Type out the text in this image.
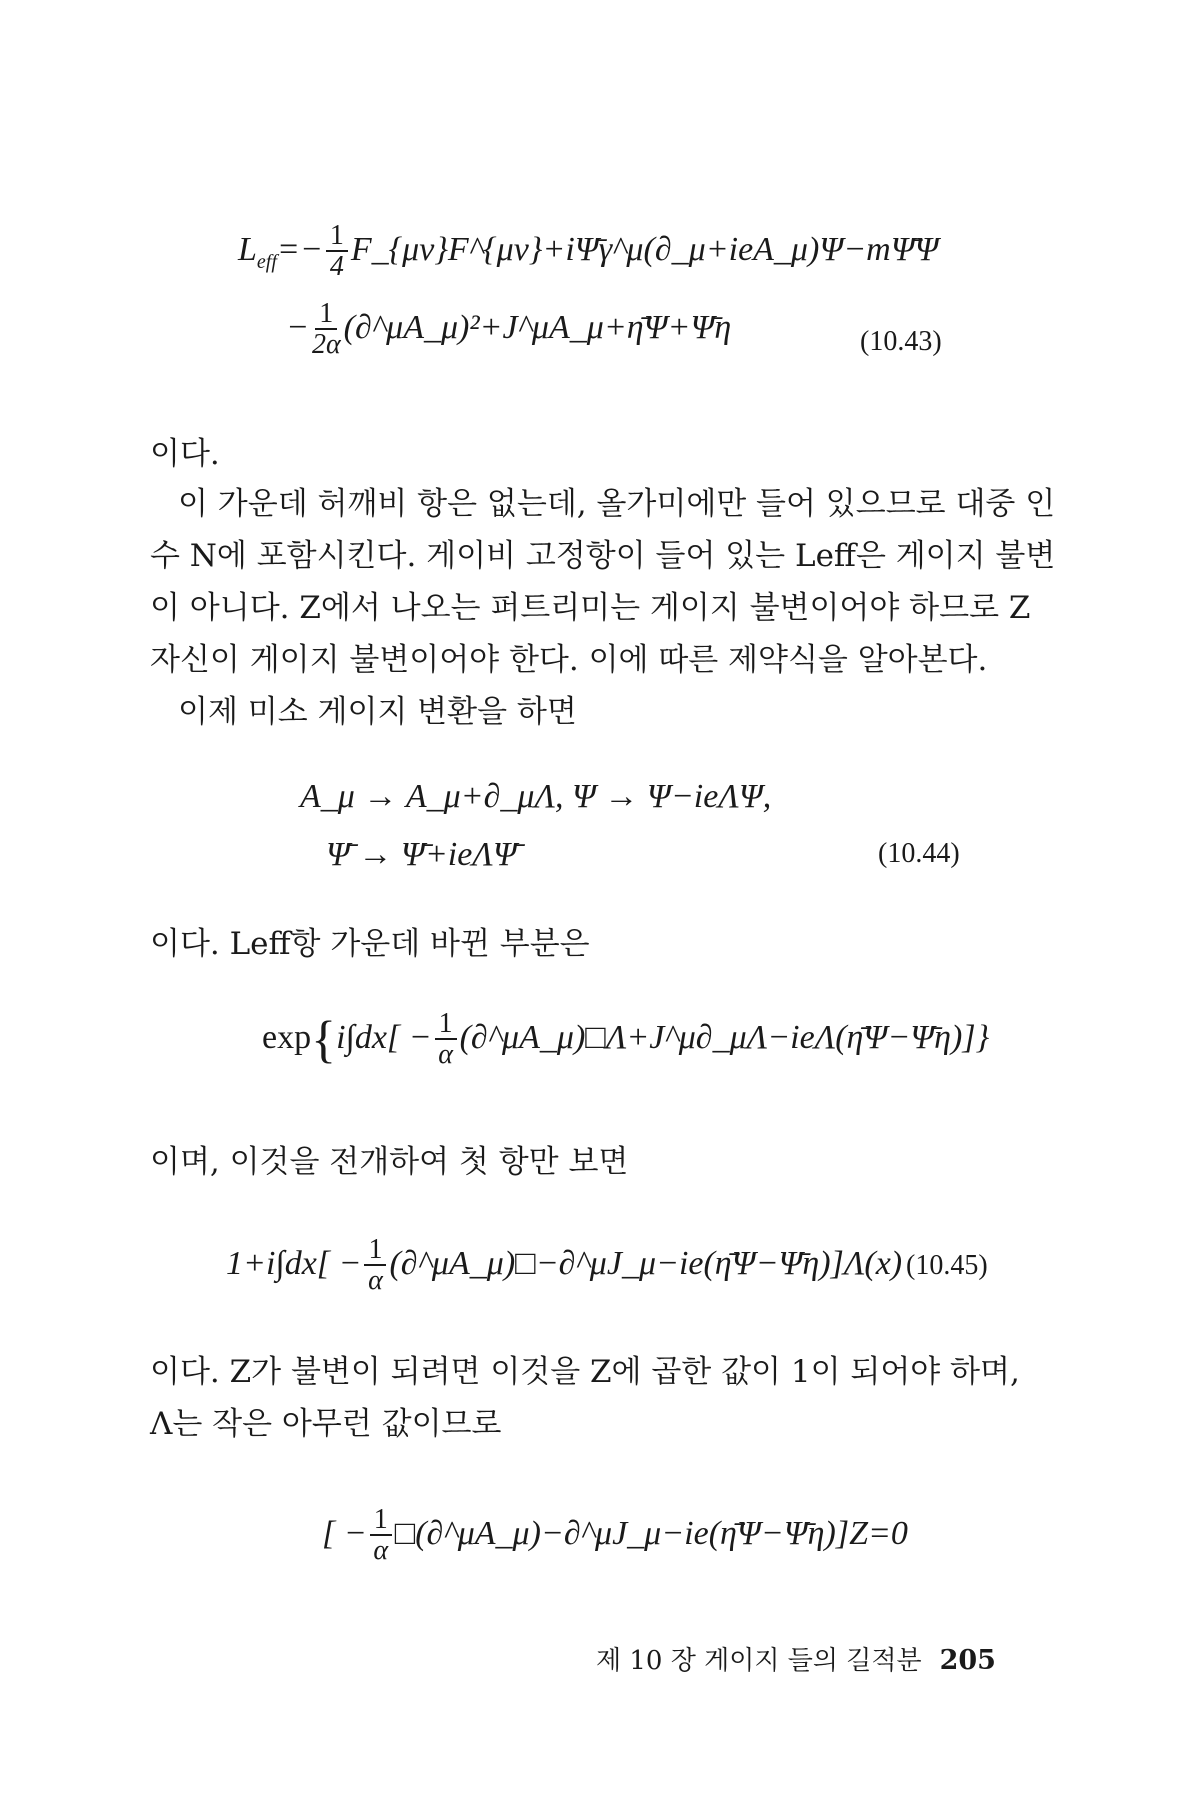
$L_{eff}=- \frac{1}{4}$ F_{μν}F^{μν}+iΨ̄γ^μ(∂_μ+ieA_μ)Ψ−mΨ̄Ψ
− $\frac{1}{2\alpha}$ (∂^μA_μ)²+J^μA_μ+η̄Ψ+Ψ̄η	(10.43)
이다.
이 가운데 허깨비 항은 없는데, 올가미에만 들어 있으므로 대중 인
수 N에 포함시킨다. 게이비 고정항이 들어 있는 Leff은 게이지 불변
이 아니다. Z에서 나오는 퍼트리미는 게이지 불변이어야 하므로 Z
자신이 게이지 불변이어야 한다. 이에 따른 제약식을 알아본다.
이제 미소 게이지 변환을 하면
A_μ → A_μ+∂_μΛ, Ψ → Ψ−ieΛΨ,
Ψ̄ → Ψ̄+ieΛΨ̄	(10.44)
이다. Leff항 가운데 바뀐 부분은
$\exp\{i\int dx[ - \frac{1}{\alpha}$ (∂^μA_μ)□Λ+J^μ∂_μΛ−ieΛ(η̄Ψ−Ψ̄η)]}
이며, 이것을 전개하여 첫 항만 보면
$1+i\int dx[ - \frac{1}{\alpha}$ (∂^μA_μ)□−∂^μJ_μ−ie(η̄Ψ−Ψ̄η)]Λ(x) (10.45)
이다. Z가 불변이 되려면 이것을 Z에 곱한 값이 1이 되어야 하며,
Λ는 작은 아무런 값이므로
[ − $\frac{1}{\alpha}$ □(∂^μA_μ)−∂^μJ_μ−ie(η̄Ψ−Ψ̄η)]Z=0
제 10 장 게이지 들의 길적분 205
